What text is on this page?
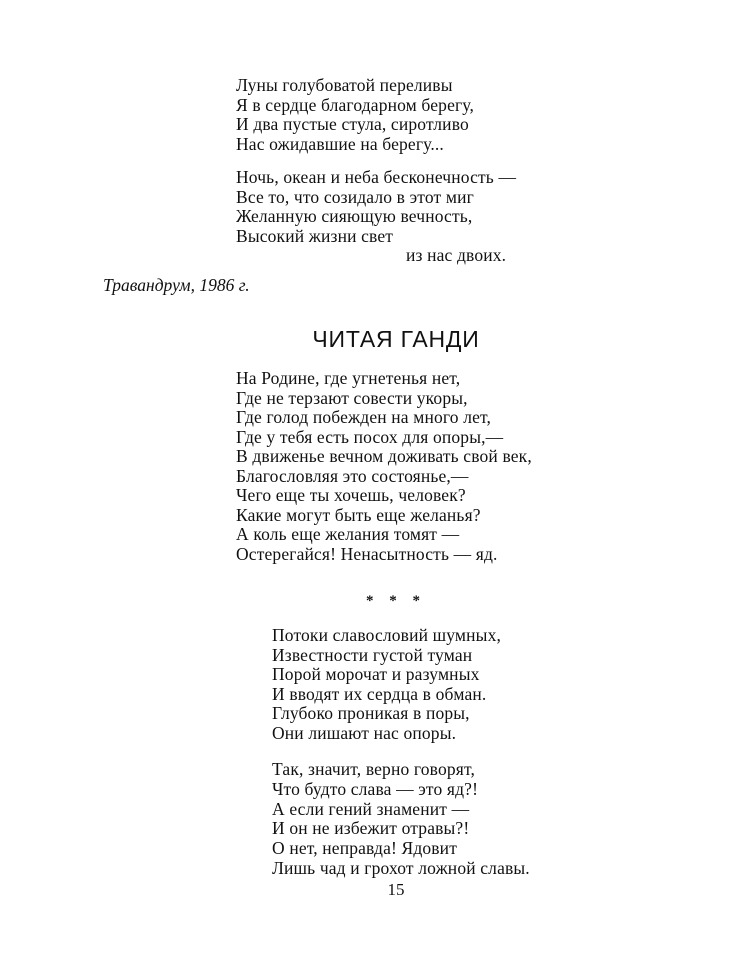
Луны голубоватой переливы
Я в сердце благодарном берегу,
И два пустые стула, сиротливо
Нас ожидавшие на берегу...
Ночь, океан и неба бесконечность —
Все то, что созидало в этот миг
Желанную сияющую вечность,
Высокий жизни свет
из нас двоих.
Травандрум, 1986 г.
ЧИТАЯ ГАНДИ
На Родине, где угнетенья нет,
Где не терзают совести укоры,
Где голод побежден на много лет,
Где у тебя есть посох для опоры,—
В движенье вечном доживать свой век,
Благословляя это состоянье,—
Чего еще ты хочешь, человек?
Какие могут быть еще желанья?
А коль еще желания томят —
Остерегайся! Ненасытность — яд.
* * *
Потоки славословий шумных,
Известности густой туман
Порой морочат и разумных
И вводят их сердца в обман.
Глубоко проникая в поры,
Они лишают нас опоры.
Так, значит, верно говорят,
Что будто слава — это яд?!
А если гений знаменит —
И он не избежит отравы?!
О нет, неправда! Ядовит
Лишь чад и грохот ложной славы.
15
